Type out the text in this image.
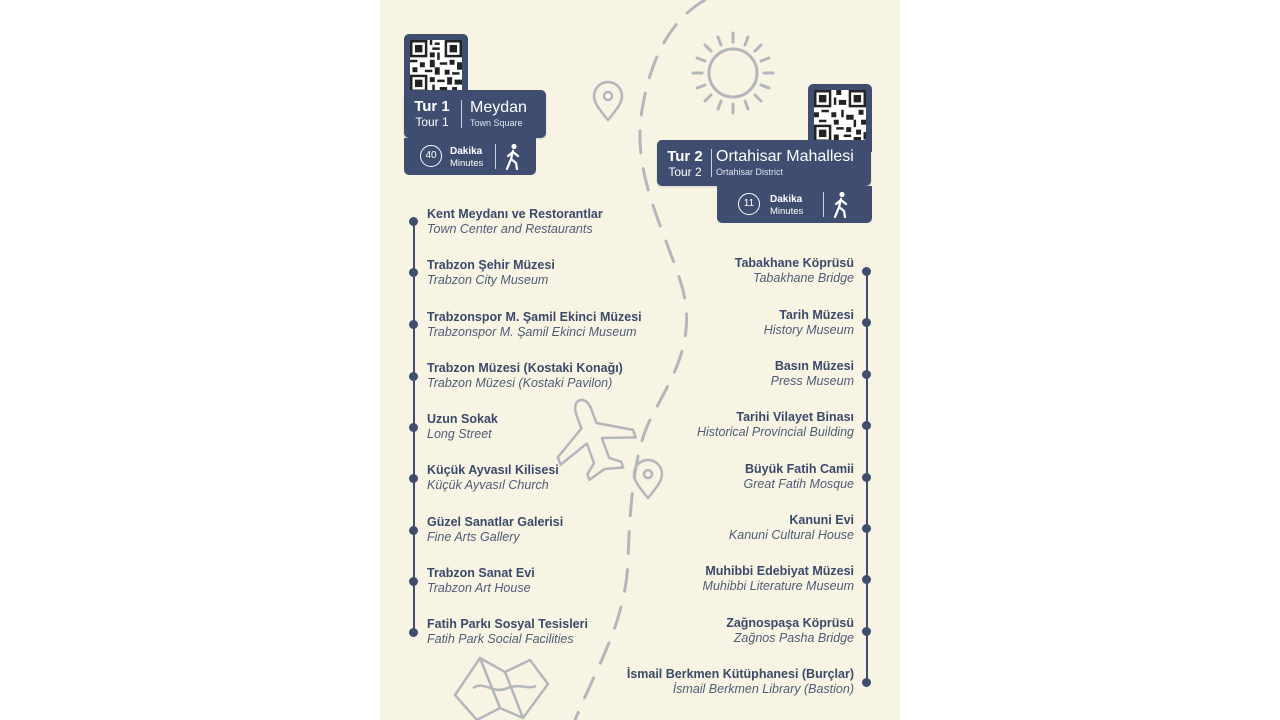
Tur 1
Tour 1
Meydan
Town Square
40	Dakika
Minutes	Tur 2
Tour 2
Ortahisar Mahallesi
Ortahisar District
11	Dakika
Minutes
Kent Meydanı ve Restorantlar
Town Center and Restaurants
Trabzon Şehir Müzesi
Trabzon City Museum
Trabzonspor M. Şamil Ekinci Müzesi
Trabzonspor M. Şamil Ekinci Museum
Trabzon Müzesi (Kostaki Konağı)
Trabzon Müzesi (Kostaki Pavilon)
Uzun Sokak
Long Street
Küçük Ayvasıl Kilisesi
Küçük Ayvasıl Church
Güzel Sanatlar Galerisi
Fine Arts Gallery
Trabzon Sanat Evi
Trabzon Art House
Fatih Parkı Sosyal Tesisleri
Fatih Park Social Facilities
Tabakhane Köprüsü
Tabakhane Bridge
Tarih Müzesi
History Museum
Basın Müzesi
Press Museum
Tarihi Vilayet Binası
Historical Provincial Building
Büyük Fatih Camii
Great Fatih Mosque
Kanuni Evi
Kanuni Cultural House
Muhibbi Edebiyat Müzesi
Muhibbi Literature Museum
Zağnospaşa Köprüsü
Zağnos Pasha Bridge
İsmail Berkmen Kütüphanesi (Burçlar)
İsmail Berkmen Library (Bastion)
